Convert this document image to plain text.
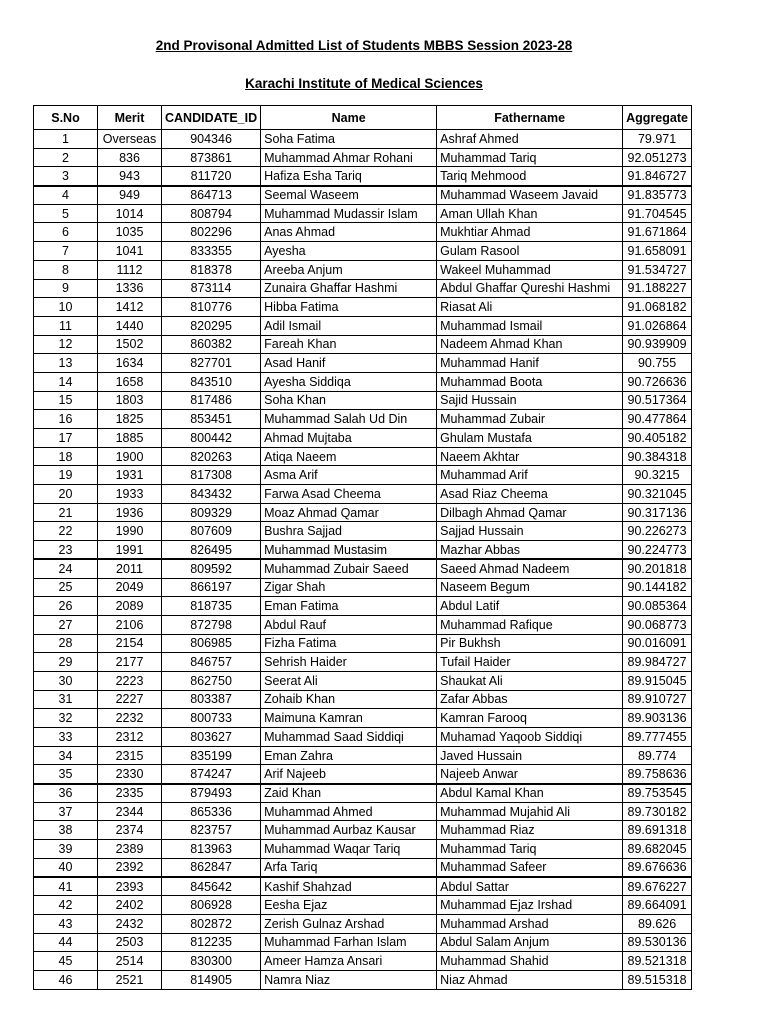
2nd Provisonal Admitted List of Students MBBS Session 2023-28
Karachi Institute of Medical Sciences
S.No	Merit	CANDIDATE_ID	Name	Fathername	Aggregate
1	Overseas	904346	Soha Fatima	Ashraf Ahmed	79.971
2	836	873861	Muhammad Ahmar Rohani	Muhammad Tariq	92.051273
3	943	811720	Hafiza Esha Tariq	Tariq Mehmood	91.846727
4	949	864713	Seemal Waseem	Muhammad Waseem Javaid	91.835773
5	1014	808794	Muhammad Mudassir Islam	Aman Ullah Khan	91.704545
6	1035	802296	Anas Ahmad	Mukhtiar Ahmad	91.671864
7	1041	833355	Ayesha	Gulam Rasool	91.658091
8	1112	818378	Areeba Anjum	Wakeel Muhammad	91.534727
9	1336	873114	Zunaira Ghaffar Hashmi	Abdul Ghaffar Qureshi Hashmi	91.188227
10	1412	810776	Hibba Fatima	Riasat Ali	91.068182
11	1440	820295	Adil Ismail	Muhammad Ismail	91.026864
12	1502	860382	Fareah Khan	Nadeem Ahmad Khan	90.939909
13	1634	827701	Asad Hanif	Muhammad Hanif	90.755
14	1658	843510	Ayesha Siddiqa	Muhammad Boota	90.726636
15	1803	817486	Soha Khan	Sajid Hussain	90.517364
16	1825	853451	Muhammad Salah Ud Din	Muhammad Zubair	90.477864
17	1885	800442	Ahmad Mujtaba	Ghulam Mustafa	90.405182
18	1900	820263	Atiqa Naeem	Naeem Akhtar	90.384318
19	1931	817308	Asma Arif	Muhammad Arif	90.3215
20	1933	843432	Farwa Asad Cheema	Asad Riaz Cheema	90.321045
21	1936	809329	Moaz Ahmad Qamar	Dilbagh Ahmad Qamar	90.317136
22	1990	807609	Bushra Sajjad	Sajjad Hussain	90.226273
23	1991	826495	Muhammad Mustasim	Mazhar Abbas	90.224773
24	2011	809592	Muhammad Zubair Saeed	Saeed Ahmad Nadeem	90.201818
25	2049	866197	Zigar Shah	Naseem Begum	90.144182
26	2089	818735	Eman Fatima	Abdul Latif	90.085364
27	2106	872798	Abdul Rauf	Muhammad Rafique	90.068773
28	2154	806985	Fizha Fatima	Pir Bukhsh	90.016091
29	2177	846757	Sehrish Haider	Tufail Haider	89.984727
30	2223	862750	Seerat Ali	Shaukat Ali	89.915045
31	2227	803387	Zohaib Khan	Zafar Abbas	89.910727
32	2232	800733	Maimuna Kamran	Kamran Farooq	89.903136
33	2312	803627	Muhammad Saad Siddiqi	Muhamad Yaqoob Siddiqi	89.777455
34	2315	835199	Eman Zahra	Javed Hussain	89.774
35	2330	874247	Arif Najeeb	Najeeb Anwar	89.758636
36	2335	879493	Zaid Khan	Abdul Kamal Khan	89.753545
37	2344	865336	Muhammad Ahmed	Muhammad Mujahid Ali	89.730182
38	2374	823757	Muhammad Aurbaz Kausar	Muhammad Riaz	89.691318
39	2389	813963	Muhammad Waqar Tariq	Muhammad Tariq	89.682045
40	2392	862847	Arfa Tariq	Muhammad Safeer	89.676636
41	2393	845642	Kashif Shahzad	Abdul Sattar	89.676227
42	2402	806928	Eesha Ejaz	Muhammad Ejaz Irshad	89.664091
43	2432	802872	Zerish Gulnaz Arshad	Muhammad Arshad	89.626
44	2503	812235	Muhammad Farhan Islam	Abdul Salam Anjum	89.530136
45	2514	830300	Ameer Hamza Ansari	Muhammad Shahid	89.521318
46	2521	814905	Namra Niaz	Niaz Ahmad	89.515318
